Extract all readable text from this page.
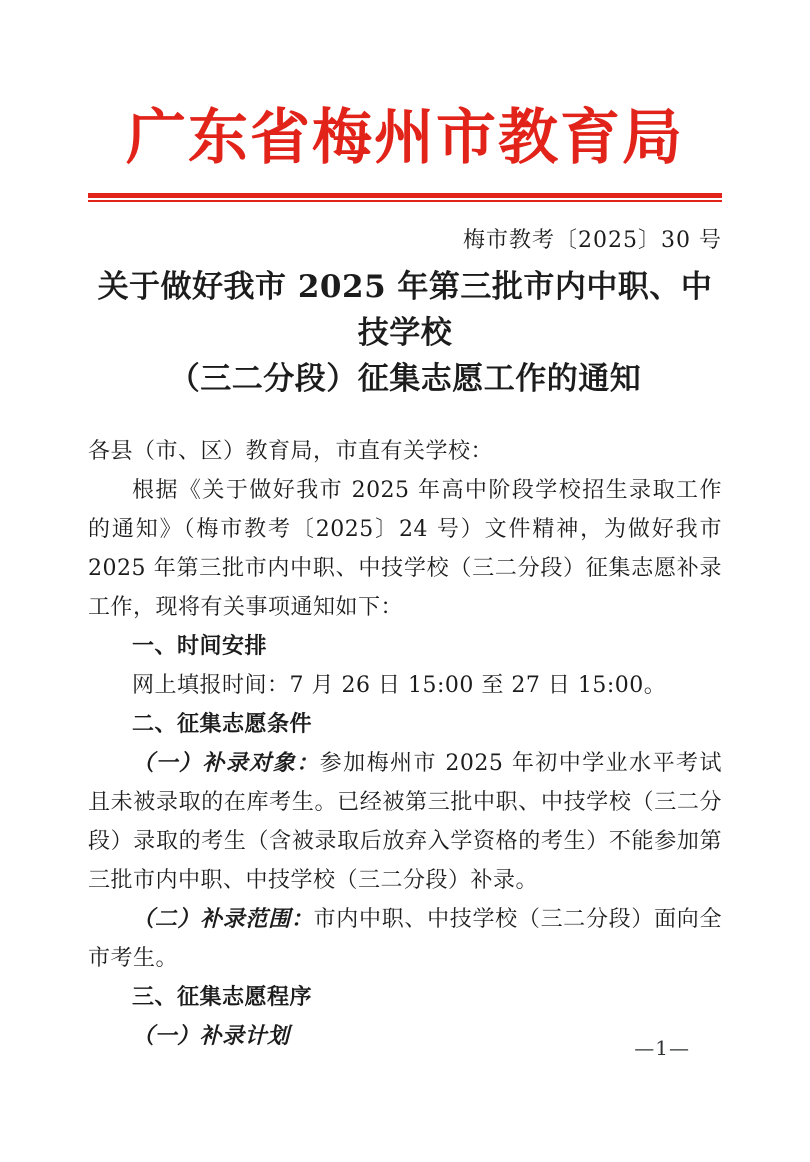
广东省梅州市教育局
梅市教考〔2025〕30 号
关于做好我市 2025 年第三批市内中职、中技学校
（三二分段）征集志愿工作的通知

各县（市、区）教育局，市直有关学校：

根据《关于做好我市 2025 年高中阶段学校招生录取工作的通知》（梅市教考〔2025〕24 号）文件精神，为做好我市 2025 年第三批市内中职、中技学校（三二分段）征集志愿补录工作，现将有关事项通知如下：

一、时间安排

网上填报时间：7 月 26 日 15:00 至 27 日 15:00。

二、征集志愿条件

（一）补录对象：参加梅州市 2025 年初中学业水平考试且未被录取的在库考生。已经被第三批中职、中技学校（三二分段）录取的考生（含被录取后放弃入学资格的考生）不能参加第三批市内中职、中技学校（三二分段）补录。

（二）补录范围：市内中职、中技学校（三二分段）面向全市考生。

三、征集志愿程序

（一）补录计划	—1—
